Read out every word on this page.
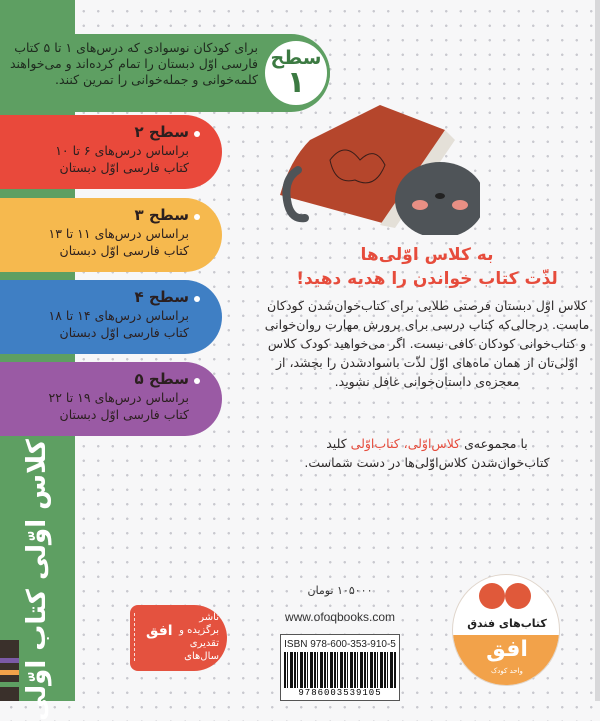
کلاس اوّلی کتاب اوّلی
برای کودکان نوسوادی که درس‌های ۱ تا ۵ کتاب فارسی اوّل دبستان را تمام کرده‌اند و می‌خواهند کلمه‌خوانی و جمله‌خوانی را تمرین کنند.
سطح
۱
سطح ۲
براساس درس‌های ۶ تا ۱۰
کتاب فارسی اوّل دبستان
سطح ۳
براساس درس‌های ۱۱ تا ۱۳
کتاب فارسی اوّل دبستان
سطح ۴
براساس درس‌های ۱۴ تا ۱۸
کتاب فارسی اوّل دبستان
سطح ۵
براساس درس‌های ۱۹ تا ۲۲
کتاب فارسی اوّل دبستان
به کلاس اوّلی‌ها
لذّت کتاب خواندن را هدیه دهید!
کلاس اوّل دبستان فرصتی طلایی برای کتاب‌خوان‌شدن کودکان ماست. درحالی‌که کتاب درسی برای پرورش مهارت روان‌خوانی و کتاب‌خوانی کودکان کافی نیست. اگر می‌خواهید کودک کلاس اوّلی‌تان از همان ماه‌های اوّل لذّت باسوادشدن را بچشد، از معجزه‌ی داستان‌خوانی غافل نشوید.
با مجموعه‌ی کلاس‌اوّلی، کتاب‌اوّلی کلید
کتاب‌خوان‌شدن کلاس‌اوّلی‌ها در دست شماست.
افق
ناشر برگزیده و تقدیری سال‌های
۱۰۵۰۰۰ تومان
www.ofoqbooks.com
ISBN 978-600-353-910-5
9786003539105
کتاب‌های فندق
افق
واحد کودک
